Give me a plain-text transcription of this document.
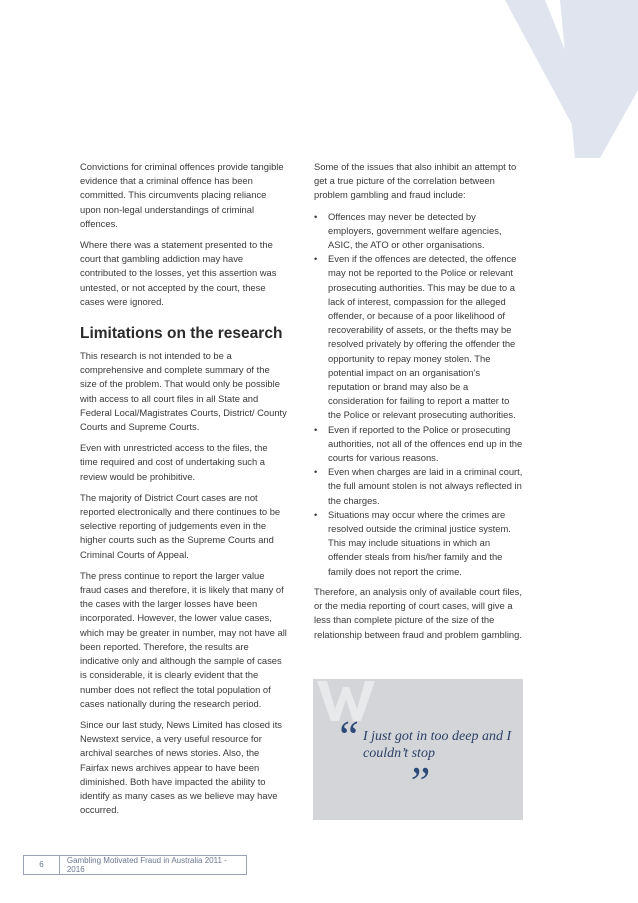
Convictions for criminal offences provide tangible evidence that a criminal offence has been committed. This circumvents placing reliance upon non-legal understandings of criminal offences.

Where there was a statement presented to the court that gambling addiction may have contributed to the losses, yet this assertion was untested, or not accepted by the court, these cases were ignored.

Limitations on the research

This research is not intended to be a comprehensive and complete summary of the size of the problem. That would only be possible with access to all court files in all State and Federal Local/Magistrates Courts, District/ County Courts and Supreme Courts.

Even with unrestricted access to the files, the time required and cost of undertaking such a review would be prohibitive.

The majority of District Court cases are not reported electronically and there continues to be selective reporting of judgements even in the higher courts such as the Supreme Courts and Criminal Courts of Appeal.

The press continue to report the larger value fraud cases and therefore, it is likely that many of the cases with the larger losses have been incorporated. However, the lower value cases, which may be greater in number, may not have all been reported. Therefore, the results are indicative only and although the sample of cases is considerable, it is clearly evident that the number does not reflect the total population of cases nationally during the research period.

Since our last study, News Limited has closed its Newstext service, a very useful resource for archival searches of news stories. Also, the Fairfax news archives appear to have been diminished. Both have impacted the ability to identify as many cases as we believe may have occurred.

Some of the issues that also inhibit an attempt to get a true picture of the correlation between problem gambling and fraud include:

• Offences may never be detected by employers, government welfare agencies, ASIC, the ATO or other organisations.
• Even if the offences are detected, the offence may not be reported to the Police or relevant prosecuting authorities. This may be due to a lack of interest, compassion for the alleged offender, or because of a poor likelihood of recoverability of assets, or the thefts may be resolved privately by offering the offender the opportunity to repay money stolen. The potential impact on an organisation’s reputation or brand may also be a consideration for failing to report a matter to the Police or relevant prosecuting authorities.
• Even if reported to the Police or prosecuting authorities, not all of the offences end up in the courts for various reasons.
• Even when charges are laid in a criminal court, the full amount stolen is not always reflected in the charges.
• Situations may occur where the crimes are resolved outside the criminal justice system. This may include situations in which an offender steals from his/her family and the family does not report the crime.

Therefore, an analysis only of available court files, or the media reporting of court cases, will give a less than complete picture of the size of the relationship between fraud and problem gambling.

“ I just got in too deep and I couldn’t stop
”
6	Gambling Motivated Fraud in Australia 2011 - 2016
